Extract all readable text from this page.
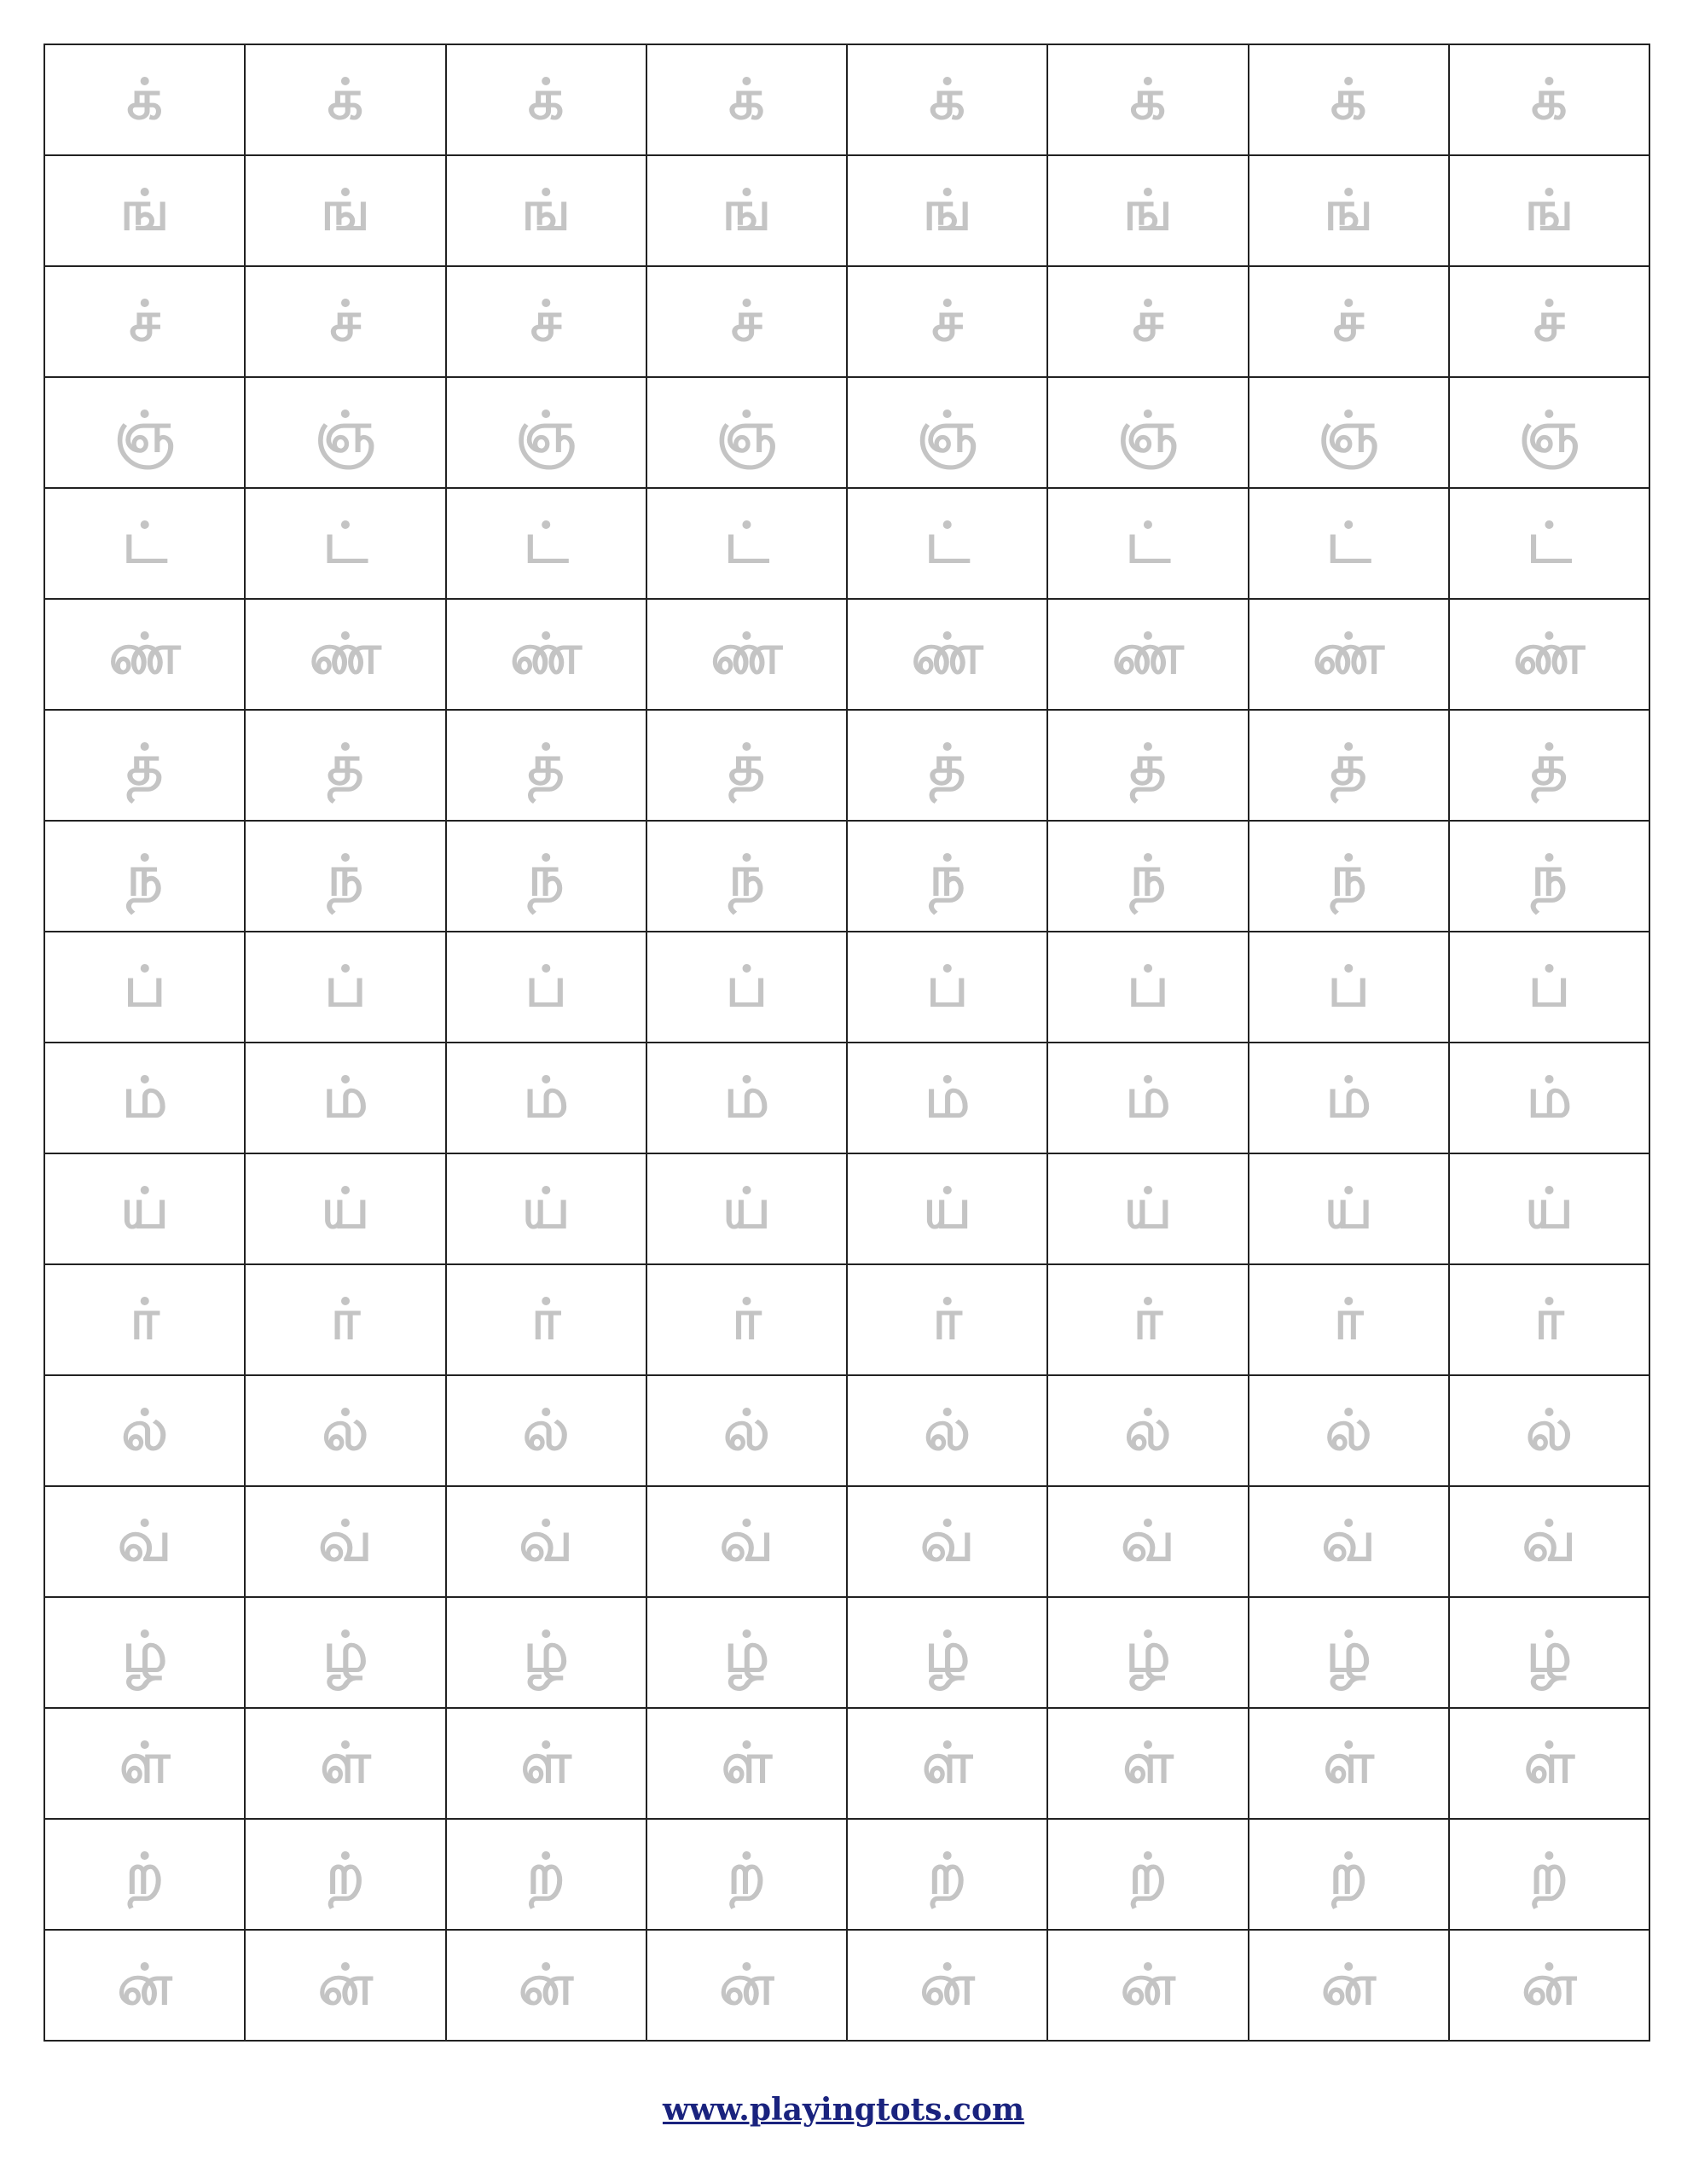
க்	க்	க்	க்	க்	க்	க்	க்
ங்	ங்	ங்	ங்	ங்	ங்	ங்	ங்
ச்	ச்	ச்	ச்	ச்	ச்	ச்	ச்
ஞ்	ஞ்	ஞ்	ஞ்	ஞ்	ஞ்	ஞ்	ஞ்
ட்	ட்	ட்	ட்	ட்	ட்	ட்	ட்
ண்	ண்	ண்	ண்	ண்	ண்	ண்	ண்
த்	த்	த்	த்	த்	த்	த்	த்
ந்	ந்	ந்	ந்	ந்	ந்	ந்	ந்
ப்	ப்	ப்	ப்	ப்	ப்	ப்	ப்
ம்	ம்	ம்	ம்	ம்	ம்	ம்	ம்
ய்	ய்	ய்	ய்	ய்	ய்	ய்	ய்
ர்	ர்	ர்	ர்	ர்	ர்	ர்	ர்
ல்	ல்	ல்	ல்	ல்	ல்	ல்	ல்
வ்	வ்	வ்	வ்	வ்	வ்	வ்	வ்
ழ்	ழ்	ழ்	ழ்	ழ்	ழ்	ழ்	ழ்
ள்	ள்	ள்	ள்	ள்	ள்	ள்	ள்
ற்	ற்	ற்	ற்	ற்	ற்	ற்	ற்
ன்	ன்	ன்	ன்	ன்	ன்	ன்	ன்
www.playingtots.com
